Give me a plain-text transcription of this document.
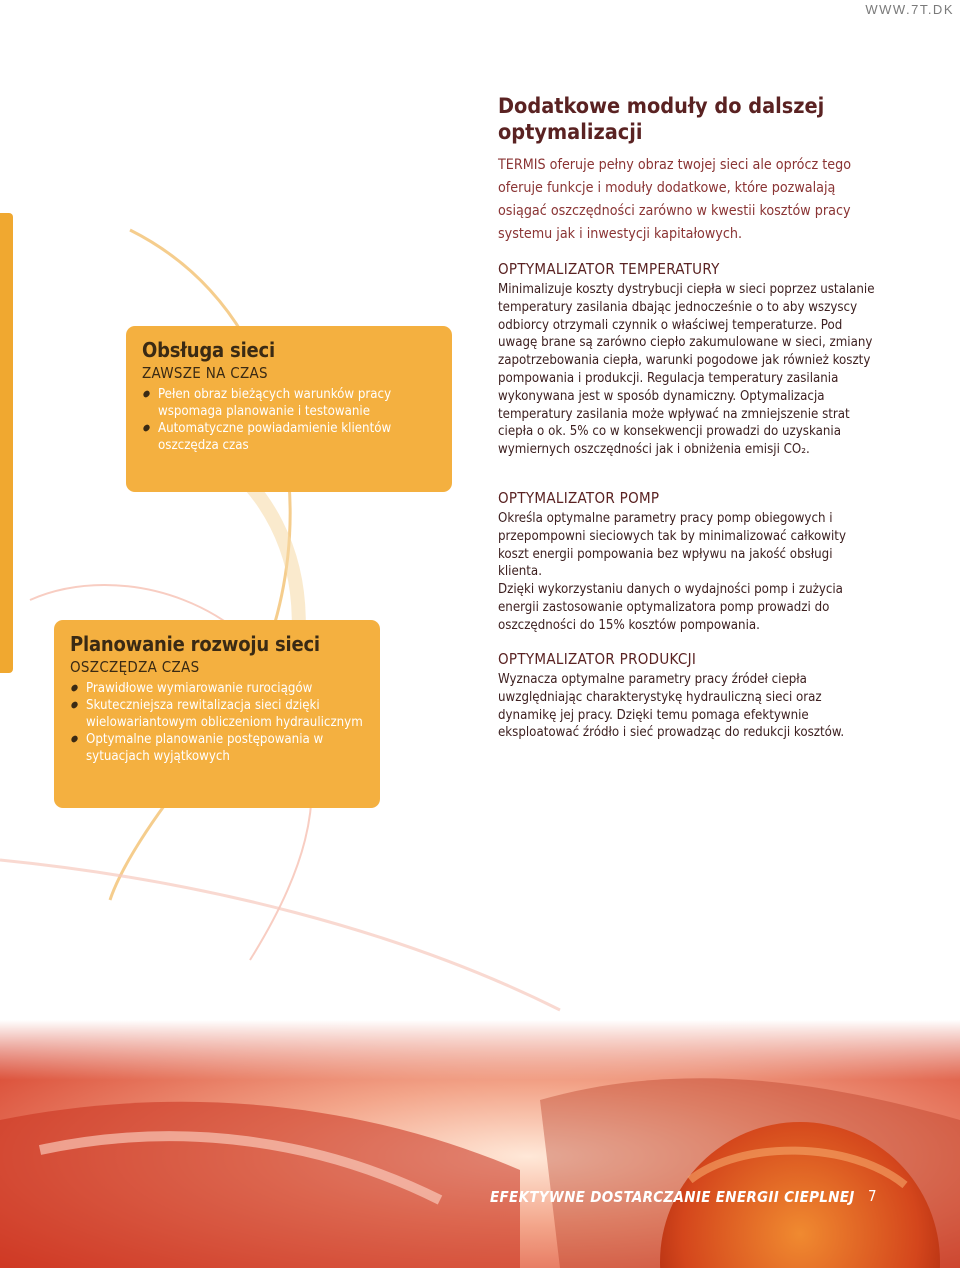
WWW.7T.DK
Obsługa sieci
ZAWSZE NA CZAS
Pełen obraz bieżących warunków pracy wspomaga planowanie i testowanie
Automatyczne powiadamienie klientów oszczędza czas
Planowanie rozwoju sieci
OSZCZĘDZA CZAS
Prawidłowe wymiarowanie rurociągów
Skuteczniejsza rewitalizacja sieci dzięki wielowariantowym obliczeniom hydraulicznym
Optymalne planowanie postępowania w sytuacjach wyjątkowych
Dodatkowe moduły do dalszej optymalizacji
TERMIS oferuje pełny obraz twojej sieci ale oprócz tego oferuje funkcje i moduły dodatkowe, które pozwalają osiągać oszczędności zarówno w kwestii kosztów pracy systemu jak i inwestycji kapitałowych.
OPTYMALIZATOR TEMPERATURY

Minimalizuje koszty dystrybucji ciepła w sieci poprzez ustalanie temperatury zasilania dbając jednocześnie o to aby wszyscy odbiorcy otrzymali czynnik o właściwej temperaturze. Pod uwagę brane są zarówno ciepło zakumulowane w sieci, zmiany zapotrzebowania ciepła, warunki pogodowe jak również koszty pompowania i produkcji. Regulacja temperatury zasilania wykonywana jest w sposób dynamiczny. Optymalizacja temperatury zasilania może wpływać na zmniejszenie strat ciepła o ok. 5% co w konsekwencji prowadzi do uzyskania wymiernych oszczędności jak i obniżenia emisji CO₂.

OPTYMALIZATOR POMP

Określa optymalne parametry pracy pomp obiegowych i przepompowni sieciowych tak by minimalizować całkowity koszt energii pompowania bez wpływu na jakość obsługi klienta.

Dzięki wykorzystaniu danych o wydajności pomp i zużycia energii zastosowanie optymalizatora pomp prowadzi do oszczędności do 15% kosztów pompowania.

OPTYMALIZATOR PRODUKCJI

Wyznacza optymalne parametry pracy źródeł ciepła uwzględniając charakterystykę hydrauliczną sieci oraz dynamikę jej pracy. Dzięki temu pomaga efektywnie eksploatować źródło i sieć prowadząc do redukcji kosztów.

EFEKTYWNE DOSTARCZANIE ENERGII CIEPLNEJ 7
